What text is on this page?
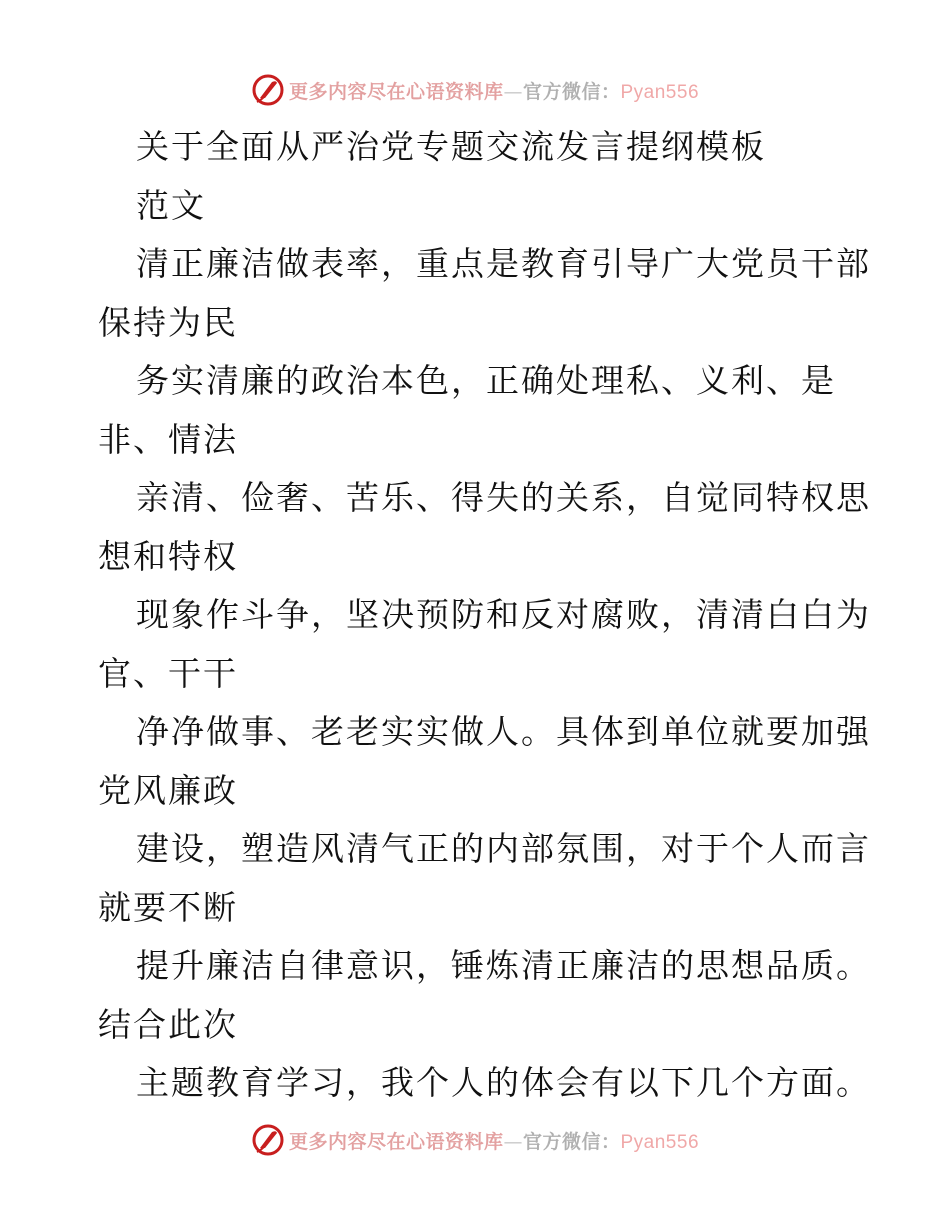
更多内容尽在心语资料库—官方微信：Pyan556
关于全面从严治党专题交流发言提纲模板
范文
清正廉洁做表率，重点是教育引导广大党员干部
保持为民
务实清廉的政治本色，正确处理私、义利、是
非、情法
亲清、俭奢、苦乐、得失的关系，自觉同特权思
想和特权
现象作斗争，坚决预防和反对腐败，清清白白为
官、干干
净净做事、老老实实做人。具体到单位就要加强
党风廉政
建设，塑造风清气正的内部氛围，对于个人而言
就要不断
提升廉洁自律意识，锤炼清正廉洁的思想品质。
结合此次
主题教育学习，我个人的体会有以下几个方面。
更多内容尽在心语资料库—官方微信：Pyan556
